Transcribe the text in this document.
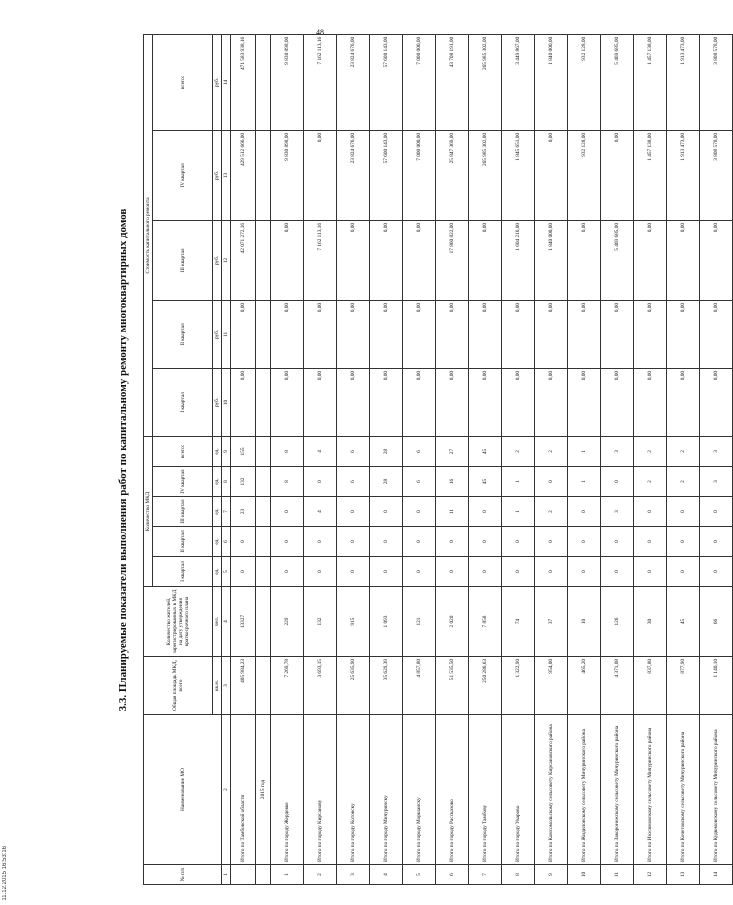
48
11.12.2015 16:53:16
3.3. Планируемые показатели выполнения работ по капитальному ремонту многоквартирных домов
№ п/п	Наименование МО	Общая площадь МКД, всего	Количество жителей, зарегистрированных в МКД на дату утверждения краткосрочного плана	Количество МКД					Стоимость капитального ремонта				
				I квартал	II квартал	III квартал	IV квартал	всего:	I квартал	II квартал	III квартал	IV квартал	всего:
		кв.м.	чел.	ед.	ед.	ед.	ед.	ед.	руб.	руб.	руб.	руб.	руб.
1	2	3	4	5	6	7	8	9	10	11	12	13	14
	Итого по Тамбовской области	405 984,23	13327	0	0	23	132	155	0,00	0,00	42 071 272,16	429 512 666,00	471 583 938,16
	2015 год												
1	Итого по городу Жердевке	7 269,78	229	0	0	0	8	8	0,00	0,00	0,00	9 830 898,00	9 830 898,00
2	Итого по городу Кирсанову	3 693,15	132	0	0	4	0	4	0,00	0,00	7 162 113,16	0,00	7 162 113,16
3	Итого по городу Котовску	25 635,90	915	0	0	0	6	6	0,00	0,00	0,00	23 824 676,00	23 824 676,00
4	Итого по городу Мичуринску	35 629,39	1 093	0	0	0	28	28	0,00	0,00	0,00	57 600 143,00	57 600 143,00
5	Итого по городу Моршанску	4 857,80	121	0	0	0	6	6	0,00	0,00	0,00	7 000 000,00	7 000 000,00
6	Итого по городу Рассказово	51 535,50	2 020	0	0	11	16	27	0,00	0,00	17 860 822,00	25 847 369,00	43 708 191,00
7	Итого по городу Тамбову	250 286,63	7 858	0	0	0	45	45	0,00	0,00	0,00	265 985 302,00	265 985 302,00
8	Итого по городу Уварово	1 322,90	74	0	0	1	1	2	0,00	0,00	1 604 216,00	1 845 651,00	3 449 867,00
9	Итого по Комсомольскому сельсовету Кирсановского района	954,00	37	0	0	2	0	2	0,00	0,00	1 840 000,00	0,00	1 840 000,00
10	Итого по Жидиловскому сельсовету Мичуринского района	465,20	10	0	0	0	1	1	0,00	0,00	0,00	932 128,00	932 128,00
11	Итого по Заворонежскому сельсовету Мичуринского района	4 371,08	126	0	0	3	0	3	0,00	0,00	5 469 685,00	0,00	5 469 685,00
12	Итого по Изосимовскому сельсовету Мичуринского района	837,80	30	0	0	0	2	2	0,00	0,00	0,00	1 457 138,00	1 457 138,00
13	Итого по Кочетовскому сельсовету Мичуринского района	877,90	45	0	0	0	2	2	0,00	0,00	0,00	1 913 473,00	1 913 473,00
14	Итого по Кудюмовскому сельсовету Мичуринского района	1 140,10	66	0	0	0	3	3	0,00	0,00	0,00	3 808 578,00	3 808 578,00
